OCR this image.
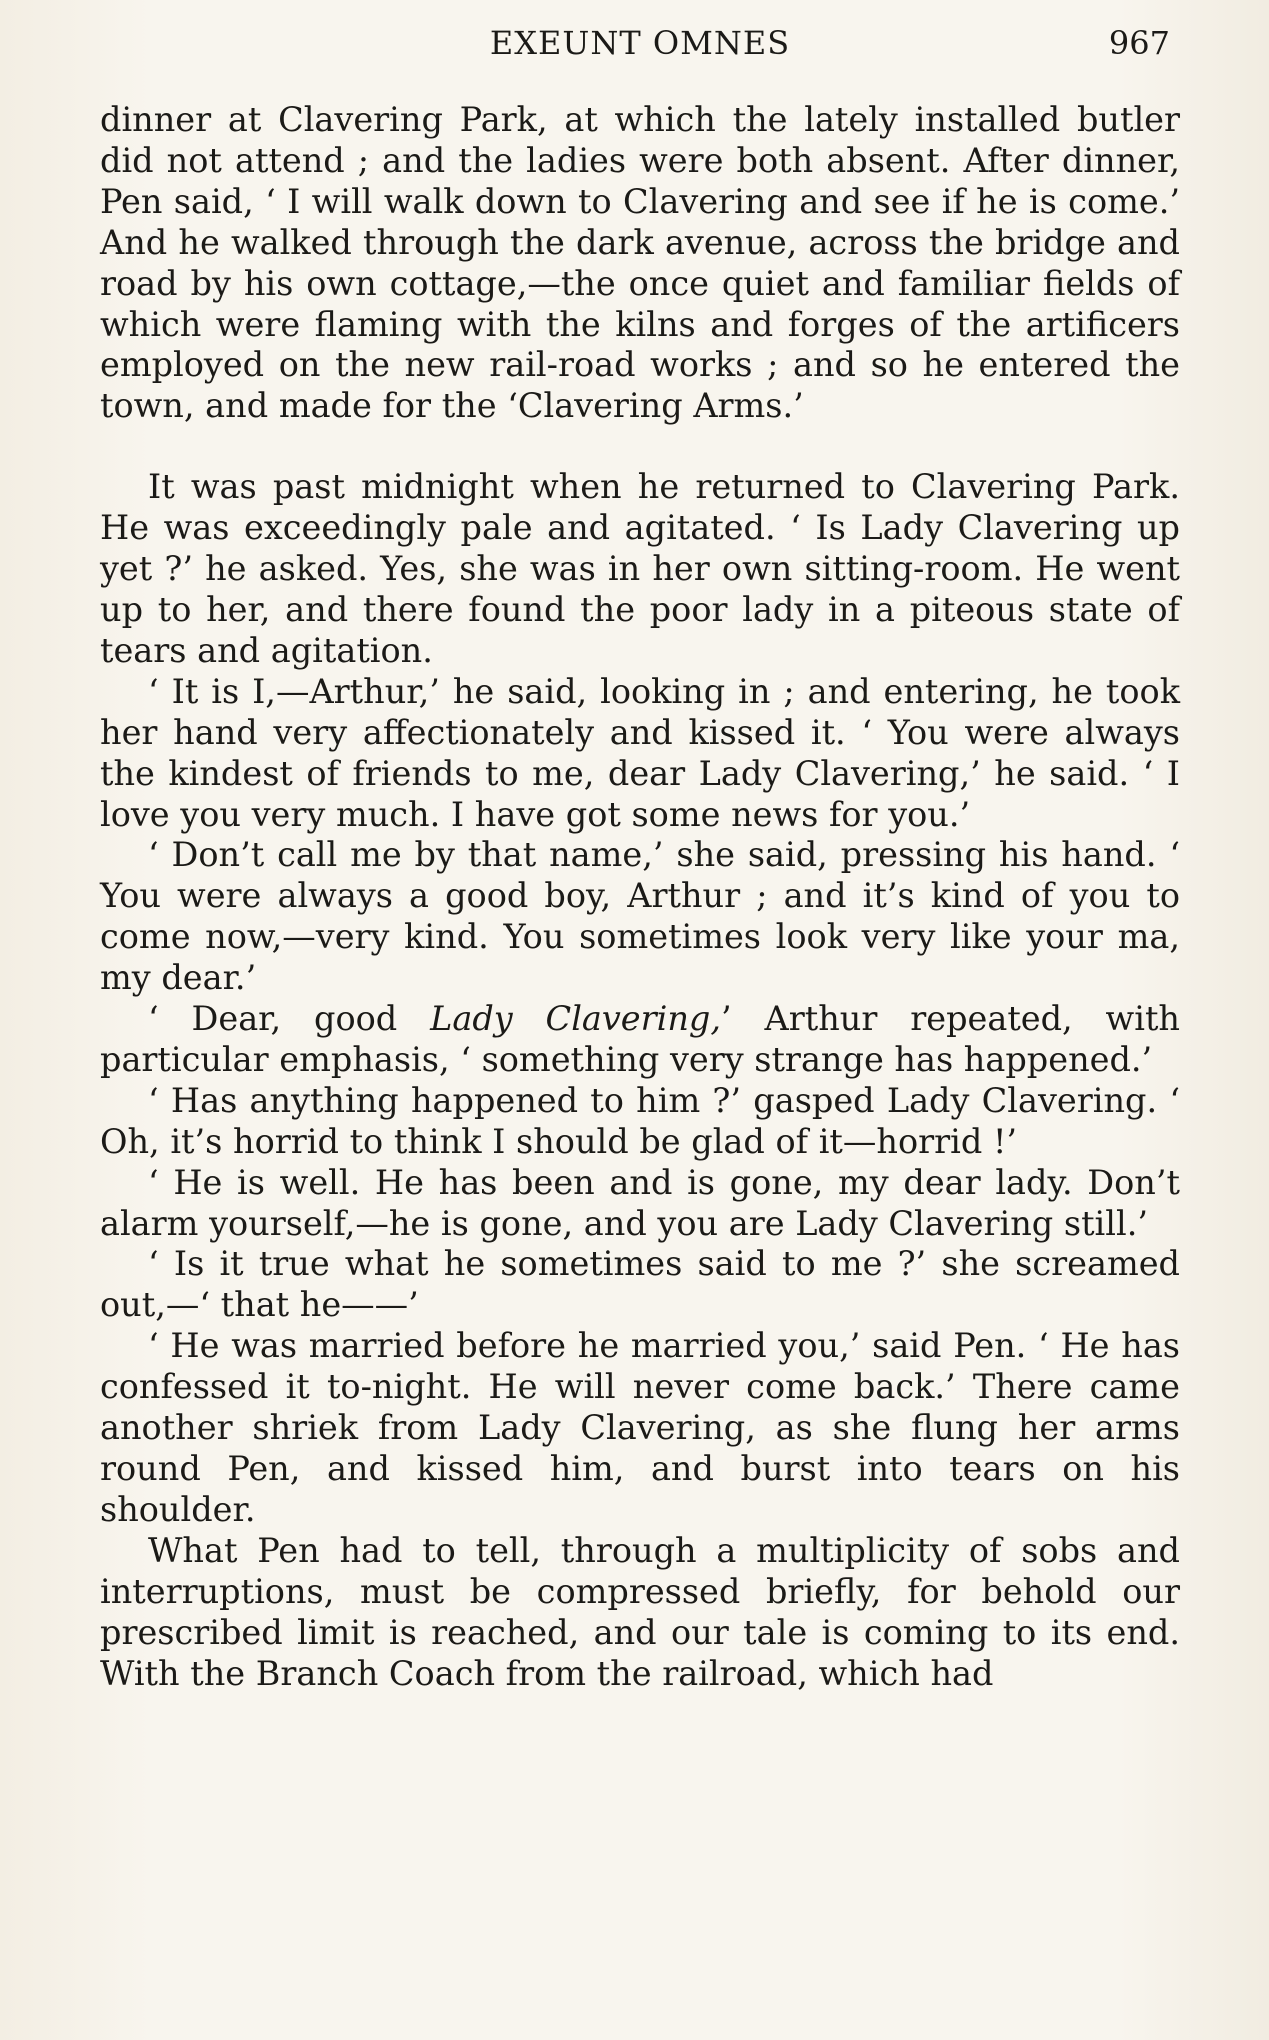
EXEUNT OMNES	967

dinner at Clavering Park, at which the lately installed butler did not attend ; and the ladies were both absent. After dinner, Pen said, ‘ I will walk down to Clavering and see if he is come.’ And he walked through the dark avenue, across the bridge and road by his own cottage,—the once quiet and familiar fields of which were flaming with the kilns and forges of the artificers employed on the new rail-road works ; and so he entered the town, and made for the ‘Clavering Arms.’

It was past midnight when he returned to Clavering Park. He was exceedingly pale and agitated. ‘ Is Lady Clavering up yet ?’ he asked. Yes, she was in her own sitting-room. He went up to her, and there found the poor lady in a piteous state of tears and agitation.

‘ It is I,—Arthur,’ he said, looking in ; and entering, he took her hand very affectionately and kissed it. ‘ You were always the kindest of friends to me, dear Lady Clavering,’ he said. ‘ I love you very much. I have got some news for you.’

‘ Don’t call me by that name,’ she said, pressing his hand. ‘ You were always a good boy, Arthur ; and it’s kind of you to come now,—very kind. You sometimes look very like your ma, my dear.’

‘ Dear, good Lady Clavering,’ Arthur repeated, with particular emphasis, ‘ something very strange has happened.’

‘ Has anything happened to him ?’ gasped Lady Clavering. ‘ Oh, it’s horrid to think I should be glad of it—horrid !’

‘ He is well. He has been and is gone, my dear lady. Don’t alarm yourself,—he is gone, and you are Lady Clavering still.’

‘ Is it true what he sometimes said to me ?’ she screamed out,—‘ that he——’

‘ He was married before he married you,’ said Pen. ‘ He has confessed it to-night. He will never come back.’ There came another shriek from Lady Clavering, as she flung her arms round Pen, and kissed him, and burst into tears on his shoulder.

What Pen had to tell, through a multiplicity of sobs and interruptions, must be compressed briefly, for behold our prescribed limit is reached, and our tale is coming to its end. With the Branch Coach from the railroad, which had
